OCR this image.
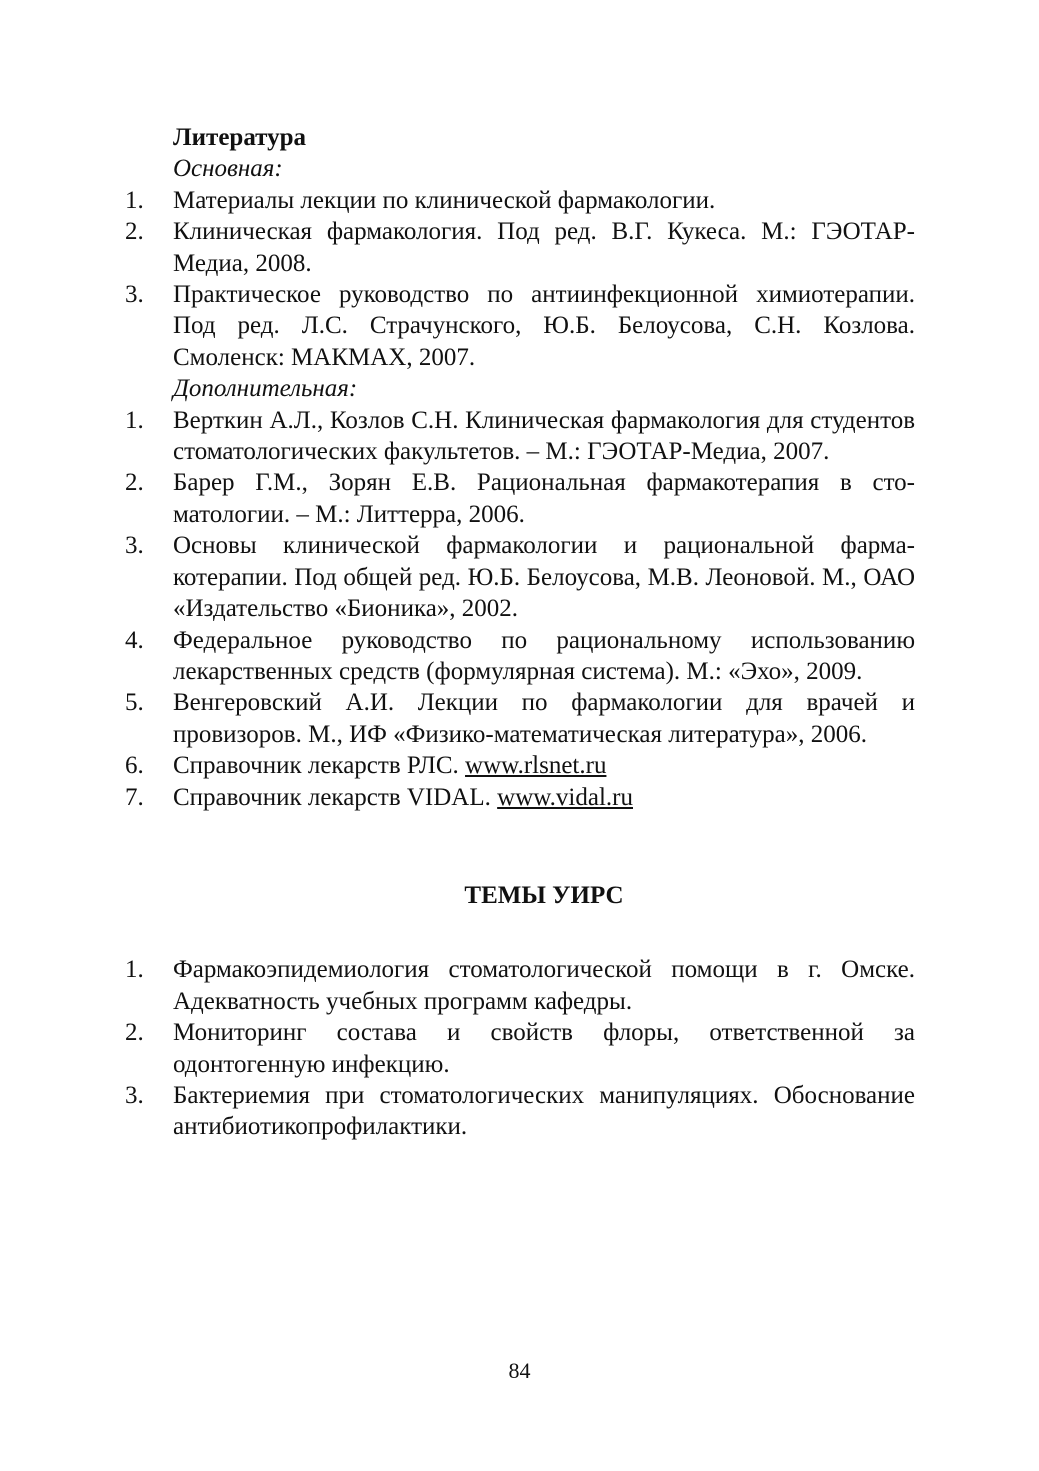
Литература
Основная:
1.	Материалы лекции по клинической фармакологии.
2.	Клиническая фармакология. Под ред. В.Г. Кукеса. М.: ГЭОТАР-Медиа, 2008.
3.	Практическое руководство по антиинфекционной химиотерапии. Под ред. Л.С. Страчунского, Ю.Б. Белоусова, С.Н. Козлова. Смоленск: МАКМАХ, 2007.
Дополнительная:
1.	Верткин А.Л., Козлов С.Н. Клиническая фармакология для студентов стоматологических факультетов. – М.: ГЭОТАР-Медиа, 2007.
2.	Барер Г.М., Зорян Е.В. Рациональная фармакотерапия в стоматологии. – М.: Литтерра, 2006.
3.	Основы клинической фармакологии и рациональной фармакотерапии. Под общей ред. Ю.Б. Белоусова, М.В. Леоновой. М., ОАО «Издательство «Бионика», 2002.
4.	Федеральное руководство по рациональному использованию лекарственных средств (формулярная система). М.: «Эхо», 2009.
5.	Венгеровский А.И. Лекции по фармакологии для врачей и провизоров. М., ИФ «Физико-математическая литература», 2006.
6.	Справочник лекарств РЛС. www.rlsnet.ru
7.	Справочник лекарств VIDAL. www.vidal.ru
ТЕМЫ УИРС
1.	Фармакоэпидемиология стоматологической помощи в г. Омске. Адекватность учебных программ кафедры.
2.	Мониторинг состава и свойств флоры, ответственной за одонтогенную инфекцию.
3.	Бактериемия при стоматологических манипуляциях. Обоснование антибиотикопрофилактики.
84
